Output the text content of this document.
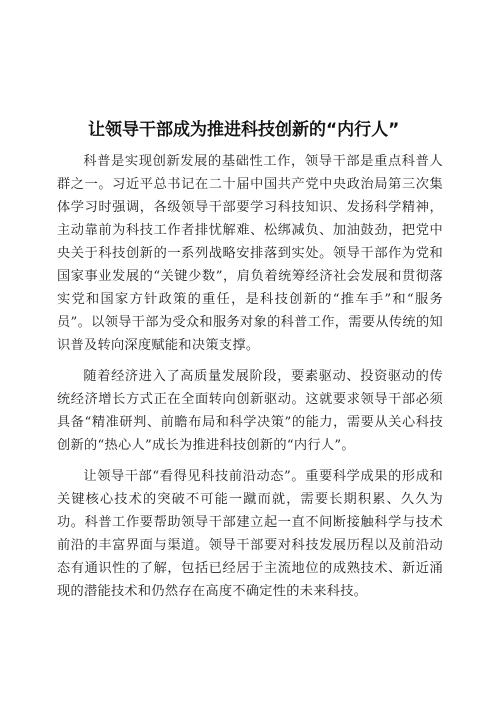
让领导干部成为推进科技创新的“内行人”

科普是实现创新发展的基础性工作，领导干部是重点科普人群之一。习近平总书记在二十届中国共产党中央政治局第三次集体学习时强调，各级领导干部要学习科技知识、发扬科学精神，主动靠前为科技工作者排忧解难、松绑减负、加油鼓劲，把党中央关于科技创新的一系列战略安排落到实处。领导干部作为党和国家事业发展的“关键少数”，肩负着统筹经济社会发展和贯彻落实党和国家方针政策的重任，是科技创新的“推车手”和“服务员”。以领导干部为受众和服务对象的科普工作，需要从传统的知识普及转向深度赋能和决策支撑。

随着经济进入了高质量发展阶段，要素驱动、投资驱动的传统经济增长方式正在全面转向创新驱动。这就要求领导干部必须具备“精准研判、前瞻布局和科学决策”的能力，需要从关心科技创新的“热心人”成长为推进科技创新的“内行人”。

让领导干部“看得见科技前沿动态”。重要科学成果的形成和关键核心技术的突破不可能一蹴而就，需要长期积累、久久为功。科普工作要帮助领导干部建立起一直不间断接触科学与技术前沿的丰富界面与渠道。领导干部要对科技发展历程以及前沿动态有通识性的了解，包括已经居于主流地位的成熟技术、新近涌现的潜能技术和仍然存在高度不确定性的未来科技。
